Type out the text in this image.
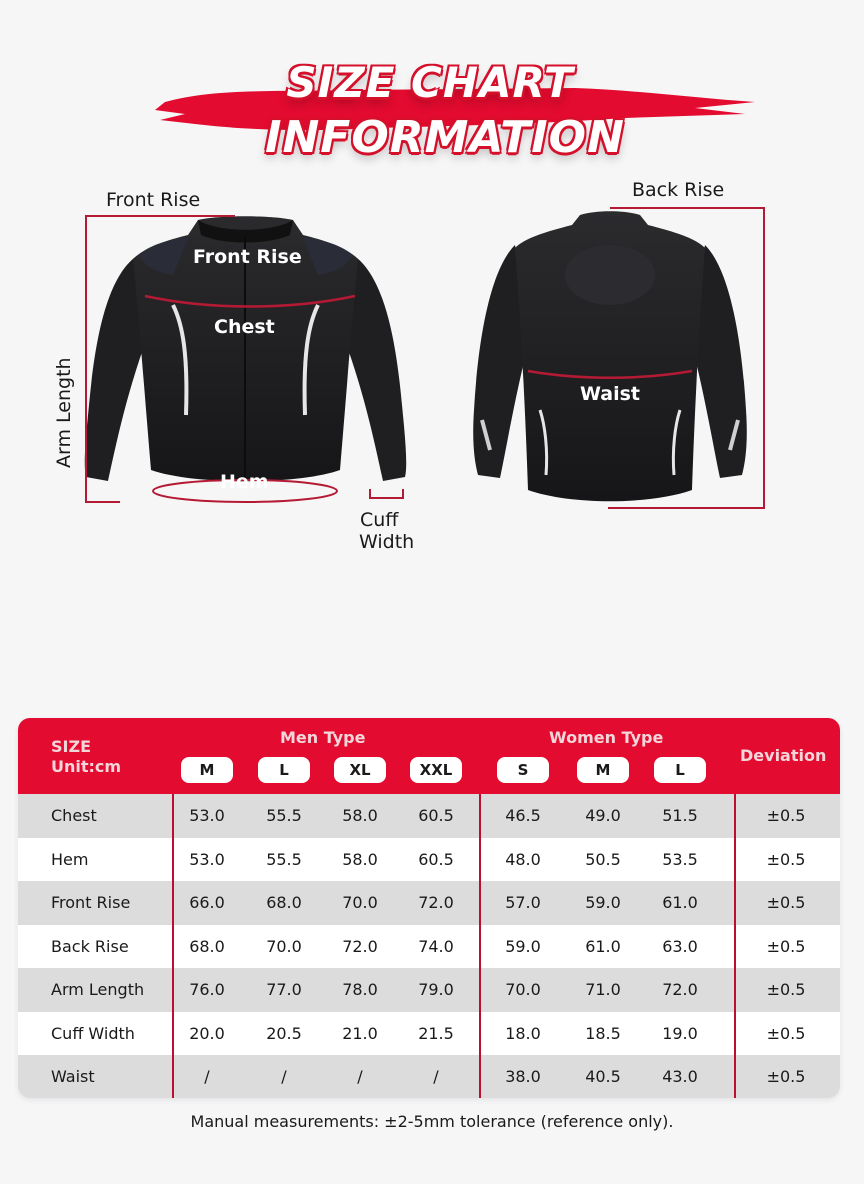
SIZE CHART
INFORMATION
Front Rise
Front Rise
Chest
Hem
Arm Length
Cuff
Width
Back Rise
Waist
SIZE
Unit:cm
Men Type	Women Type
Deviation
M	L	XL	XXL	S	M	L
Chest	53.0	55.5	58.0	60.5	46.5	49.0	51.5	±0.5
Hem	53.0	55.5	58.0	60.5	48.0	50.5	53.5	±0.5
Front Rise	66.0	68.0	70.0	72.0	57.0	59.0	61.0	±0.5
Back Rise	68.0	70.0	72.0	74.0	59.0	61.0	63.0	±0.5
Arm Length	76.0	77.0	78.0	79.0	70.0	71.0	72.0	±0.5
Cuff Width	20.0	20.5	21.0	21.5	18.0	18.5	19.0	±0.5
Waist	/	/	/	/	38.0	40.5	43.0	±0.5
Manual measurements: ±2-5mm tolerance (reference only).
